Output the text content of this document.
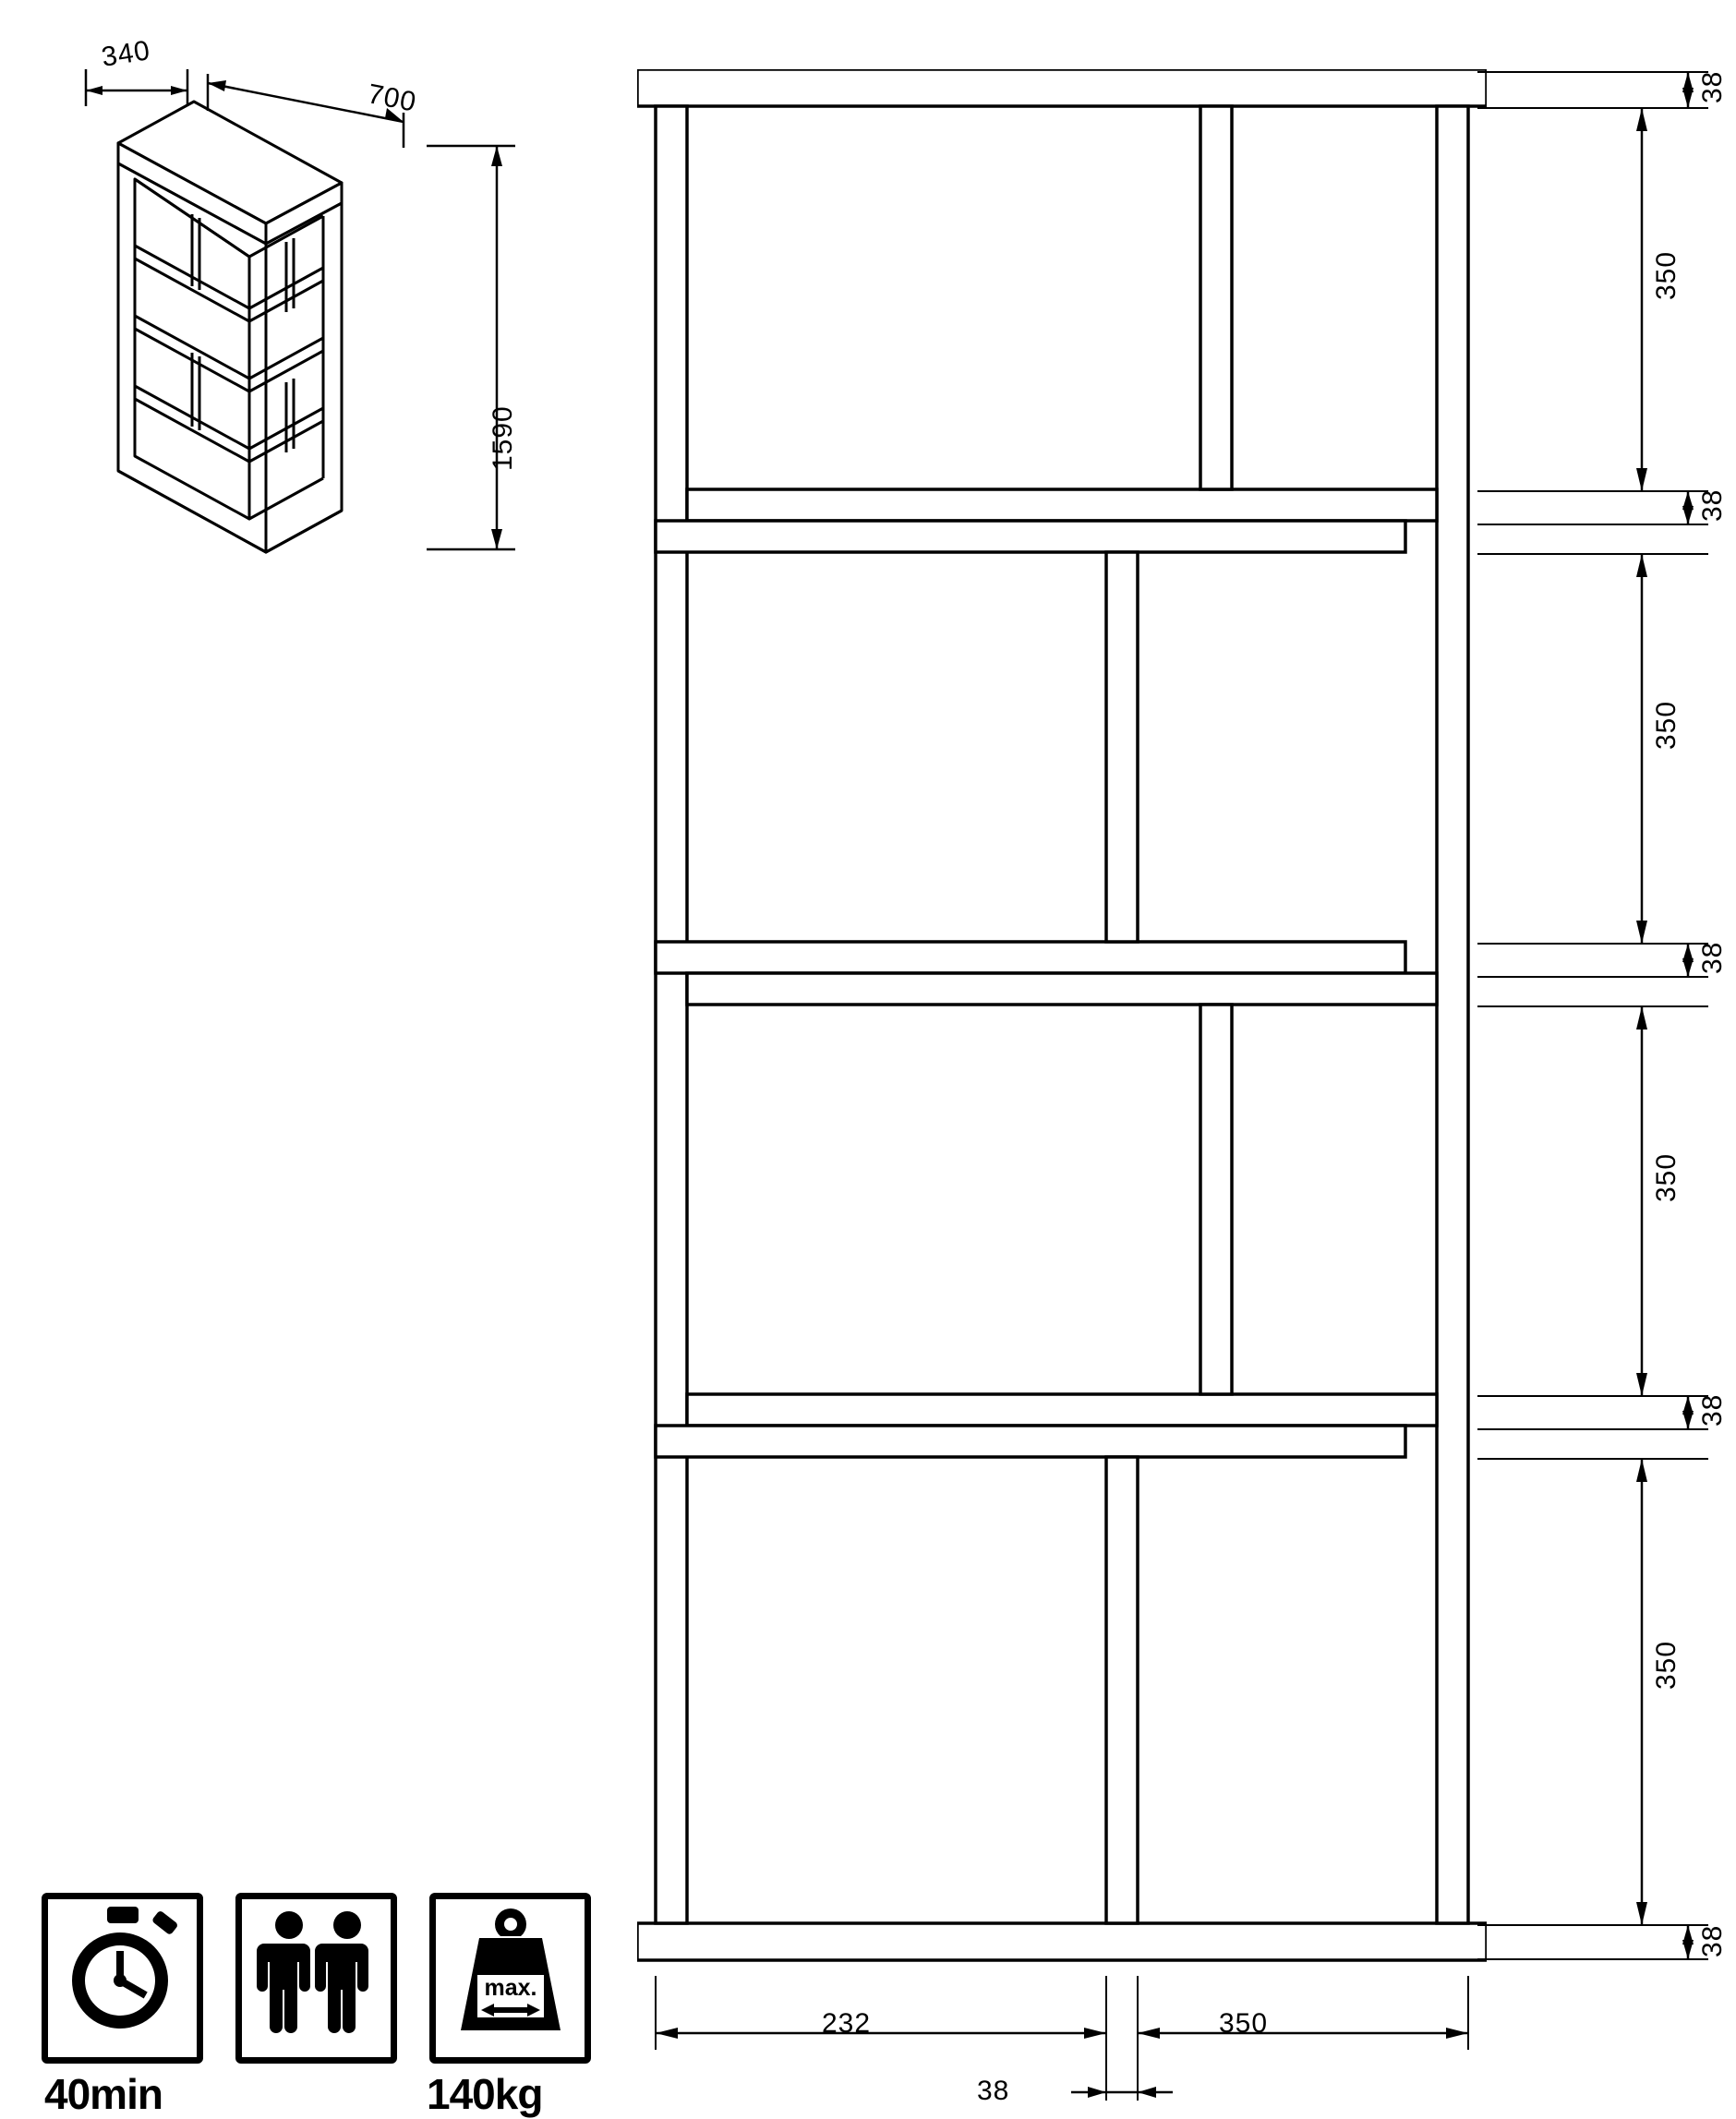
340
700
1590
38
350
38
350
38
350
38
350
38
232	350
38
40min
max.
140kg
